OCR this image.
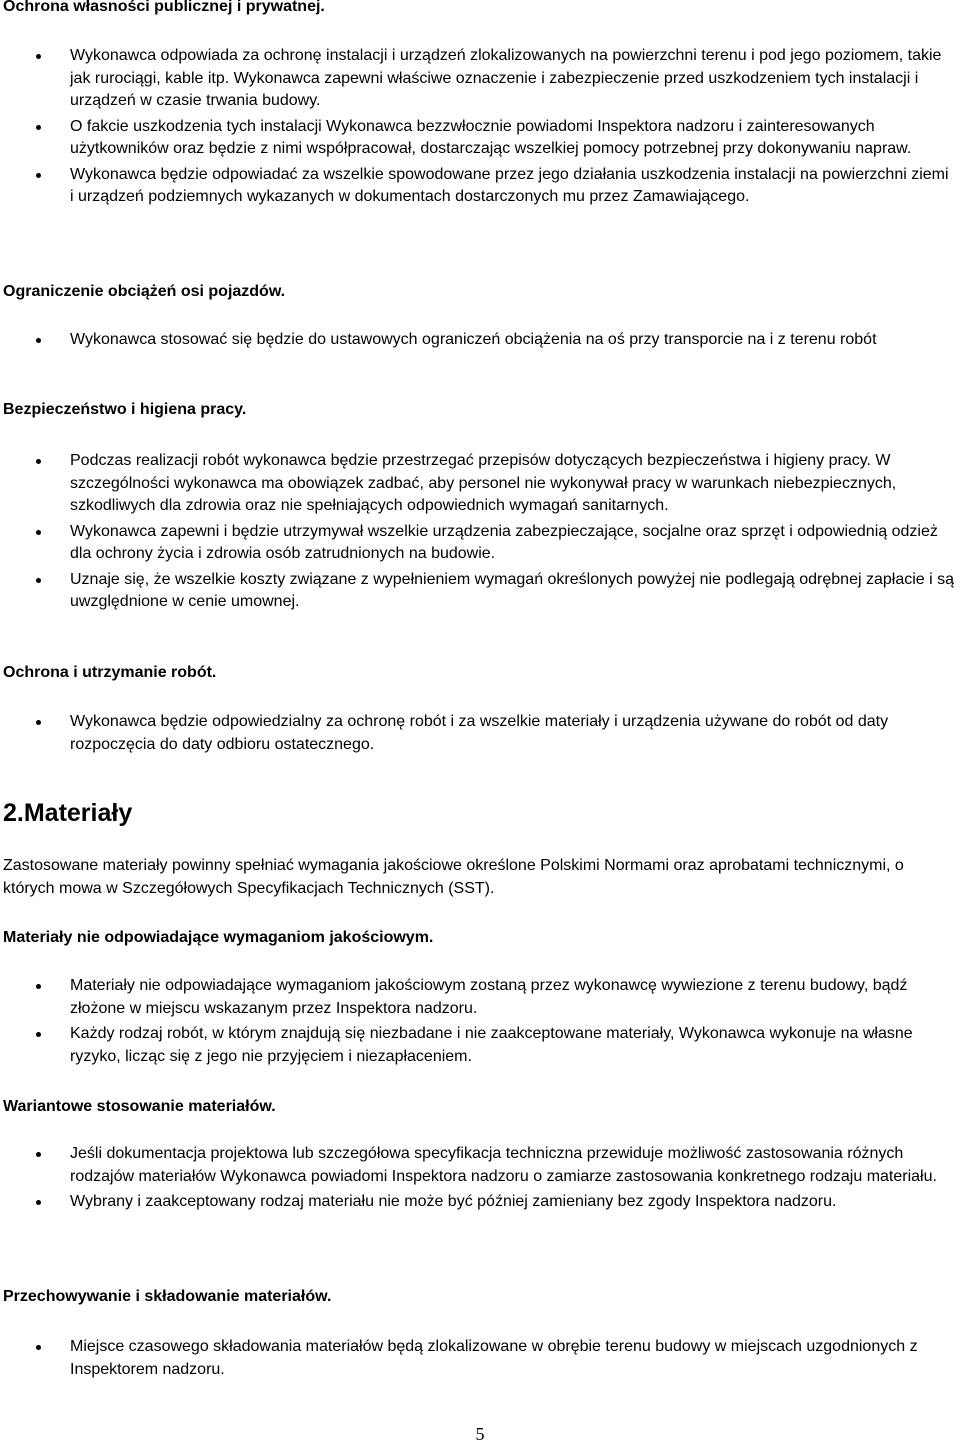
Ochrona własności publicznej i prywatnej.
Wykonawca odpowiada za ochronę instalacji i urządzeń zlokalizowanych na powierzchni terenu i pod jego poziomem, takie jak rurociągi, kable itp. Wykonawca zapewni właściwe oznaczenie i zabezpieczenie przed uszkodzeniem tych instalacji i urządzeń w czasie trwania budowy.
O fakcie uszkodzenia tych instalacji Wykonawca bezzwłocznie powiadomi Inspektora nadzoru i zainteresowanych użytkowników oraz będzie z nimi współpracował, dostarczając wszelkiej pomocy potrzebnej przy dokonywaniu napraw.
Wykonawca będzie odpowiadać za wszelkie spowodowane przez jego działania uszkodzenia instalacji na powierzchni ziemi i urządzeń podziemnych wykazanych w dokumentach dostarczonych mu przez Zamawiającego.
Ograniczenie obciążeń osi pojazdów.
Wykonawca stosować się będzie do ustawowych ograniczeń obciążenia na oś przy transporcie na i z terenu robót
Bezpieczeństwo i higiena pracy.
Podczas realizacji robót wykonawca będzie przestrzegać przepisów dotyczących bezpieczeństwa i higieny pracy. W szczególności wykonawca ma obowiązek zadbać, aby personel nie wykonywał pracy w warunkach niebezpiecznych, szkodliwych dla zdrowia oraz nie spełniających odpowiednich wymagań sanitarnych.
Wykonawca zapewni i będzie utrzymywał wszelkie urządzenia zabezpieczające, socjalne oraz sprzęt i odpowiednią odzież dla ochrony życia i zdrowia osób zatrudnionych na budowie.
Uznaje się, że wszelkie koszty związane z wypełnieniem wymagań określonych powyżej nie podlegają odrębnej zapłacie i są uwzględnione w cenie umownej.
Ochrona i utrzymanie robót.
Wykonawca będzie odpowiedzialny za ochronę robót i za wszelkie materiały i urządzenia używane do robót od daty rozpoczęcia do daty odbioru ostatecznego.
2.Materiały

Zastosowane materiały powinny spełniać wymagania jakościowe określone Polskimi Normami oraz aprobatami technicznymi, o których mowa w Szczegółowych Specyfikacjach Technicznych (SST).

Materiały nie odpowiadające wymaganiom jakościowym.
Materiały nie odpowiadające wymaganiom jakościowym zostaną przez wykonawcę wywiezione z terenu budowy, bądź złożone w miejscu wskazanym przez Inspektora nadzoru.
Każdy rodzaj robót, w którym znajdują się niezbadane i nie zaakceptowane materiały, Wykonawca wykonuje na własne ryzyko, licząc się z jego nie przyjęciem i niezapłaceniem.
Wariantowe stosowanie materiałów.
Jeśli dokumentacja projektowa lub szczegółowa specyfikacja techniczna przewiduje możliwość zastosowania różnych rodzajów materiałów Wykonawca powiadomi Inspektora nadzoru o zamiarze zastosowania konkretnego rodzaju materiału.
Wybrany i zaakceptowany rodzaj materiału nie może być później zamieniany bez zgody Inspektora nadzoru.
Przechowywanie i składowanie materiałów.
Miejsce czasowego składowania materiałów będą zlokalizowane w obrębie terenu budowy w miejscach uzgodnionych z Inspektorem nadzoru.
5
